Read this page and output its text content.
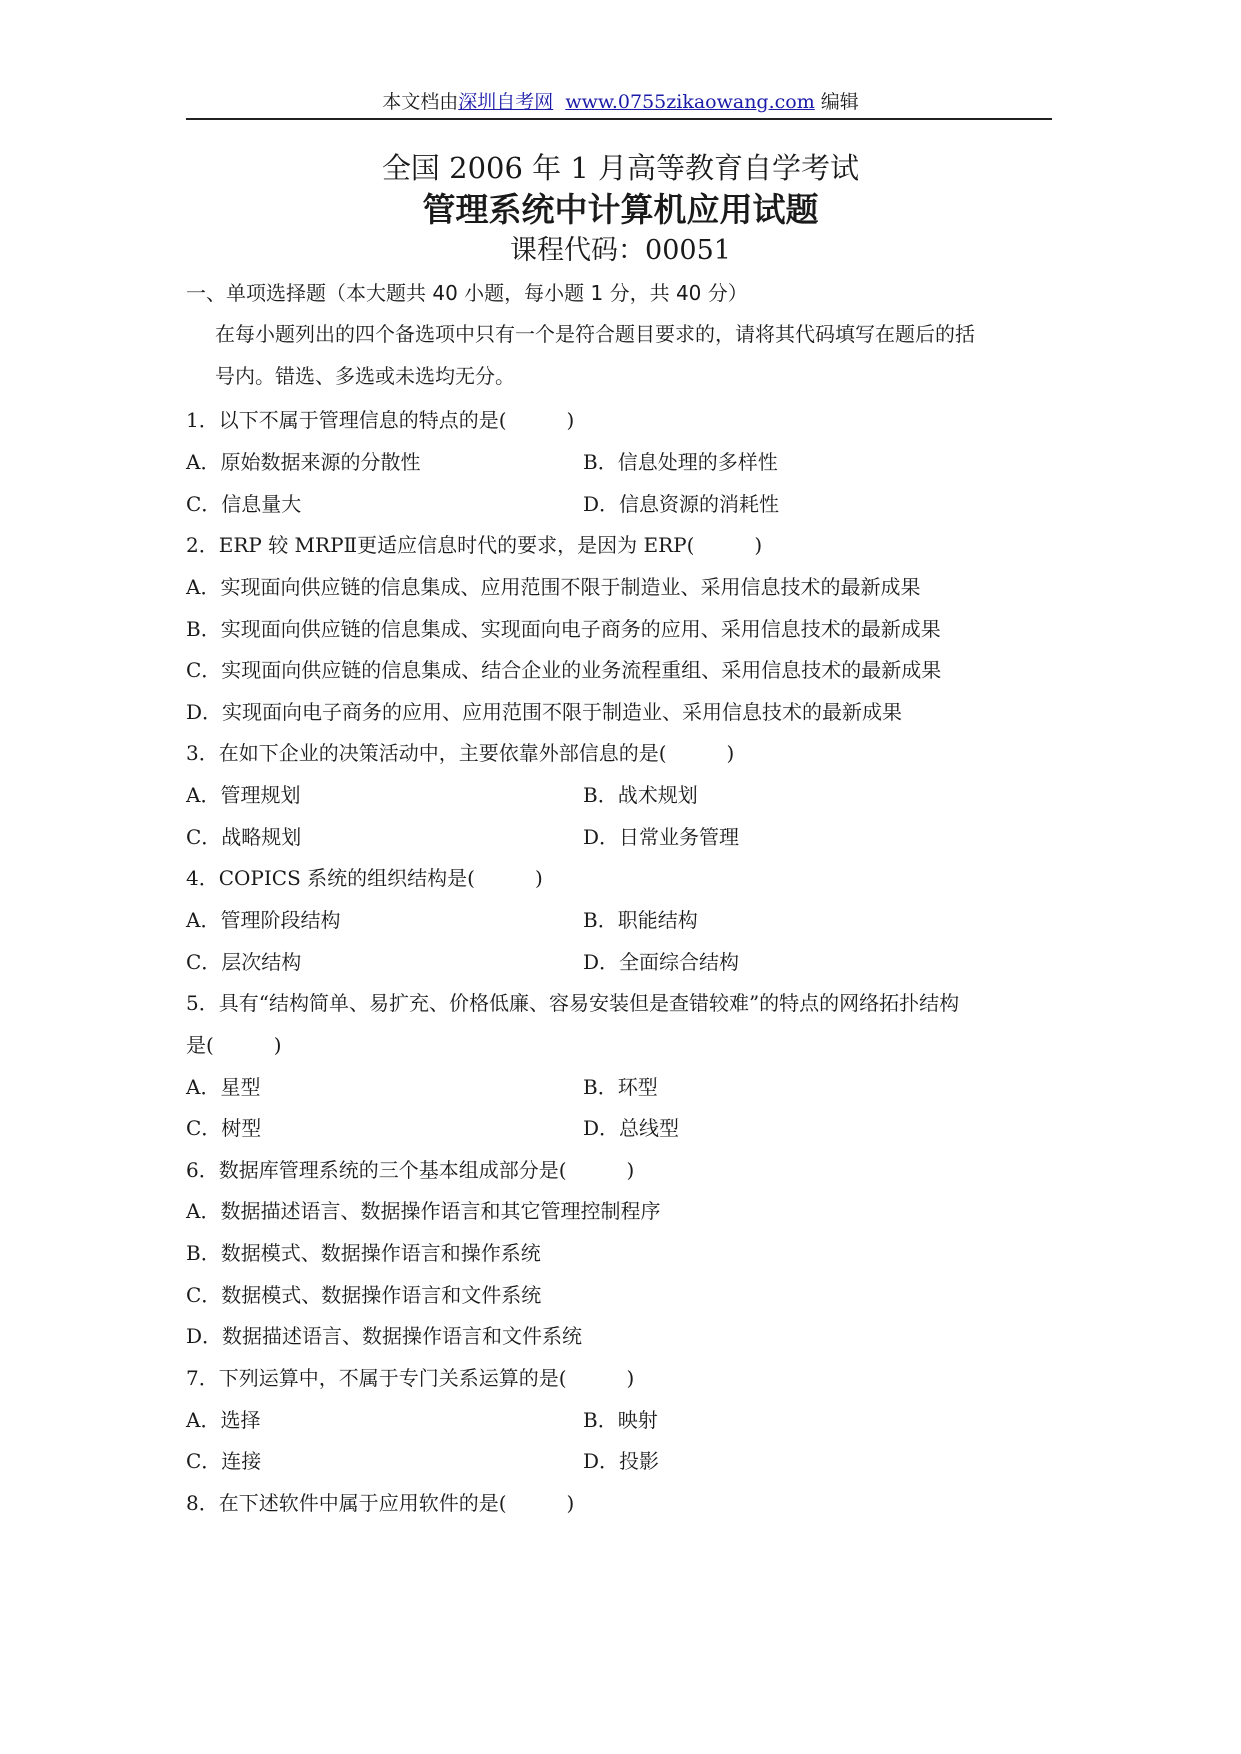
本文档由深圳自考网 www.0755zikaowang.com 编辑
全国 2006 年 1 月高等教育自学考试
管理系统中计算机应用试题
课程代码：00051
一、单项选择题（本大题共 40 小题，每小题 1 分，共 40 分）
在每小题列出的四个备选项中只有一个是符合题目要求的，请将其代码填写在题后的括
号内。错选、多选或未选均无分。
1．以下不属于管理信息的特点的是(　　　)
A．原始数据来源的分散性	B．信息处理的多样性
C．信息量大	D．信息资源的消耗性
2．ERP 较 MRPⅡ更适应信息时代的要求，是因为 ERP(　　　)
A．实现面向供应链的信息集成、应用范围不限于制造业、采用信息技术的最新成果
B．实现面向供应链的信息集成、实现面向电子商务的应用、采用信息技术的最新成果
C．实现面向供应链的信息集成、结合企业的业务流程重组、采用信息技术的最新成果
D．实现面向电子商务的应用、应用范围不限于制造业、采用信息技术的最新成果
3．在如下企业的决策活动中，主要依靠外部信息的是(　　　)
A．管理规划	B．战术规划
C．战略规划	D．日常业务管理
4．COPICS 系统的组织结构是(　　　)
A．管理阶段结构	B．职能结构
C．层次结构	D．全面综合结构
5．具有“结构简单、易扩充、价格低廉、容易安装但是查错较难”的特点的网络拓扑结构
是(　　　)
A．星型	B．环型
C．树型	D．总线型
6．数据库管理系统的三个基本组成部分是(　　　)
A．数据描述语言、数据操作语言和其它管理控制程序
B．数据模式、数据操作语言和操作系统
C．数据模式、数据操作语言和文件系统
D．数据描述语言、数据操作语言和文件系统
7．下列运算中，不属于专门关系运算的是(　　　)
A．选择	B．映射
C．连接	D．投影
8．在下述软件中属于应用软件的是(　　　)
